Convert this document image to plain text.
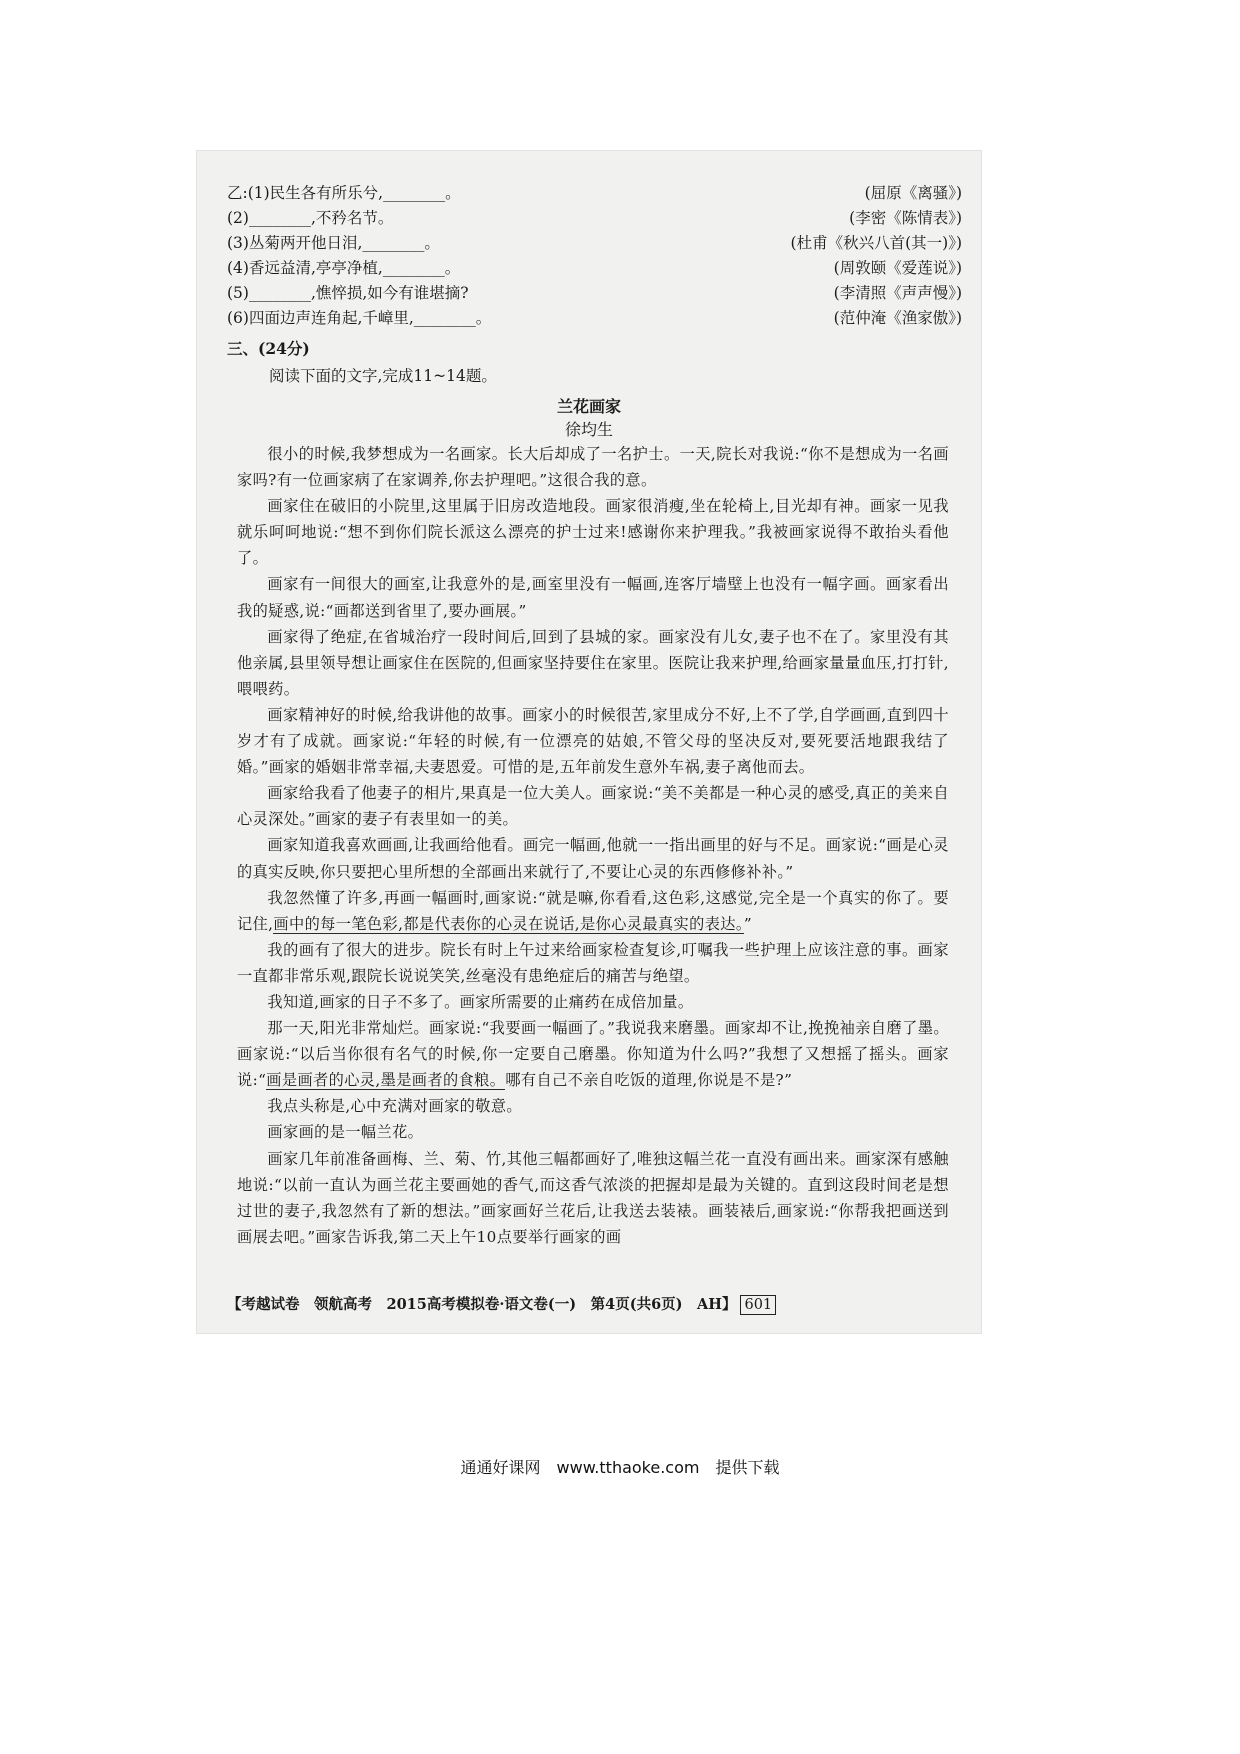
乙:(1)民生各有所乐兮,________。	(屈原《离骚》)
(2)________,不矜名节。	(李密《陈情表》)
(3)丛菊两开他日泪,________。	(杜甫《秋兴八首(其一)》)
(4)香远益清,亭亭净植,________。	(周敦颐《爱莲说》)
(5)________,憔悴损,如今有谁堪摘?	(李清照《声声慢》)
(6)四面边声连角起,千嶂里,________。	(范仲淹《渔家傲》)
三、(24分)
阅读下面的文字,完成11~14题。
兰花画家
徐均生

很小的时候,我梦想成为一名画家。长大后却成了一名护士。一天,院长对我说:“你不是想成为一名画家吗?有一位画家病了在家调养,你去护理吧。”这很合我的意。

画家住在破旧的小院里,这里属于旧房改造地段。画家很消瘦,坐在轮椅上,目光却有神。画家一见我就乐呵呵地说:“想不到你们院长派这么漂亮的护士过来!感谢你来护理我。”我被画家说得不敢抬头看他了。

画家有一间很大的画室,让我意外的是,画室里没有一幅画,连客厅墙壁上也没有一幅字画。画家看出我的疑惑,说:“画都送到省里了,要办画展。”

画家得了绝症,在省城治疗一段时间后,回到了县城的家。画家没有儿女,妻子也不在了。家里没有其他亲属,县里领导想让画家住在医院的,但画家坚持要住在家里。医院让我来护理,给画家量量血压,打打针,喂喂药。

画家精神好的时候,给我讲他的故事。画家小的时候很苦,家里成分不好,上不了学,自学画画,直到四十岁才有了成就。画家说:“年轻的时候,有一位漂亮的姑娘,不管父母的坚决反对,要死要活地跟我结了婚。”画家的婚姻非常幸福,夫妻恩爱。可惜的是,五年前发生意外车祸,妻子离他而去。

画家给我看了他妻子的相片,果真是一位大美人。画家说:“美不美都是一种心灵的感受,真正的美来自心灵深处。”画家的妻子有表里如一的美。

画家知道我喜欢画画,让我画给他看。画完一幅画,他就一一指出画里的好与不足。画家说:“画是心灵的真实反映,你只要把心里所想的全部画出来就行了,不要让心灵的东西修修补补。”

我忽然懂了许多,再画一幅画时,画家说:“就是嘛,你看看,这色彩,这感觉,完全是一个真实的你了。要记住,画中的每一笔色彩,都是代表你的心灵在说话,是你心灵最真实的表达。”

我的画有了很大的进步。院长有时上午过来给画家检查复诊,叮嘱我一些护理上应该注意的事。画家一直都非常乐观,跟院长说说笑笑,丝毫没有患绝症后的痛苦与绝望。

我知道,画家的日子不多了。画家所需要的止痛药在成倍加量。

那一天,阳光非常灿烂。画家说:“我要画一幅画了。”我说我来磨墨。画家却不让,挽挽袖亲自磨了墨。画家说:“以后当你很有名气的时候,你一定要自己磨墨。你知道为什么吗?”我想了又想摇了摇头。画家说:“画是画者的心灵,墨是画者的食粮。哪有自己不亲自吃饭的道理,你说是不是?”

我点头称是,心中充满对画家的敬意。

画家画的是一幅兰花。

画家几年前准备画梅、兰、菊、竹,其他三幅都画好了,唯独这幅兰花一直没有画出来。画家深有感触地说:“以前一直认为画兰花主要画她的香气,而这香气浓淡的把握却是最为关键的。直到这段时间老是想过世的妻子,我忽然有了新的想法。”画家画好兰花后,让我送去装裱。画装裱后,画家说:“你帮我把画送到画展去吧。”画家告诉我,第二天上午10点要举行画家的画

【考越试卷　领航高考　2015高考模拟卷·语文卷(一)　第4页(共6页)　AH】 601
通通好课网　www.tthaoke.com　提供下载
